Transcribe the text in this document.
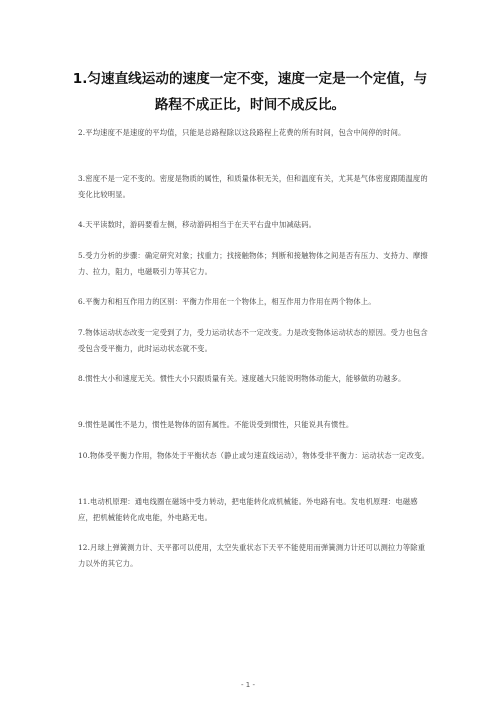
1.匀速直线运动的速度一定不变，速度一定是一个定值，与路程不成正比，时间不成反比。

2.平均速度不是速度的平均值，只能是总路程除以这段路程上花费的所有时间，包含中间停的时间。

3.密度不是一定不变的。密度是物质的属性，和质量体积无关，但和温度有关，尤其是气体密度跟随温度的变化比较明显。

4.天平读数时，游码要看左侧，移动游码相当于在天平右盘中加减砝码。

5.受力分析的步骤：确定研究对象；找重力；找接触物体；判断和接触物体之间是否有压力、支持力、摩擦力、拉力，阻力，电磁吸引力等其它力。

6.平衡力和相互作用力的区别：平衡力作用在一个物体上，相互作用力作用在两个物体上。

7.物体运动状态改变一定受到了力，受力运动状态不一定改变。力是改变物体运动状态的原因。受力也包含受包含受平衡力，此时运动状态就不变。

8.惯性大小和速度无关。惯性大小只跟质量有关。速度越大只能说明物体动能大，能够做的功越多。

9.惯性是属性不是力，惯性是物体的固有属性。不能说受到惯性，只能说具有惯性。

10.物体受平衡力作用，物体处于平衡状态（静止或匀速直线运动），物体受非平衡力：运动状态一定改变。

11.电动机原理：通电线圈在磁场中受力转动，把电能转化成机械能。外电路有电。发电机原理：电磁感应，把机械能转化成电能，外电路无电。

12.月球上弹簧测力计、天平都可以使用，太空失重状态下天平不能使用而弹簧测力计还可以测拉力等除重力以外的其它力。

- 1 -
